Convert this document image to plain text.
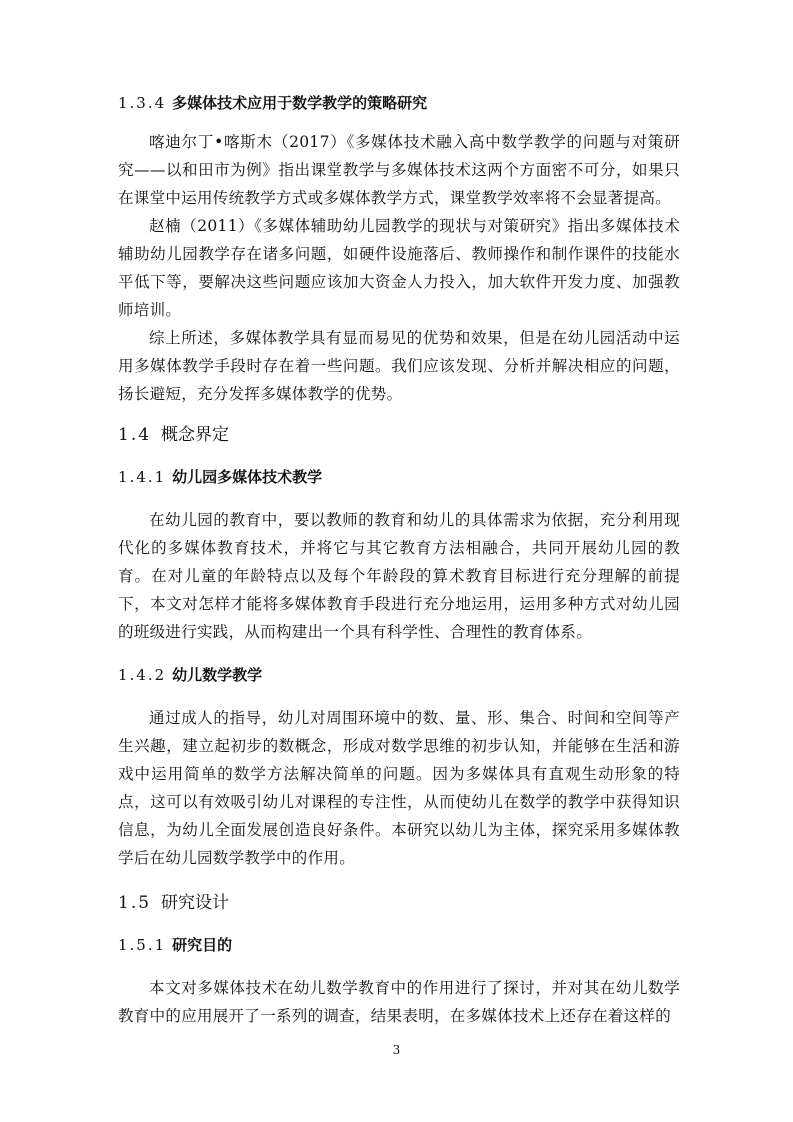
1.3.4 多媒体技术应用于数学教学的策略研究

喀迪尔丁•喀斯木（2017）《多媒体技术融入高中数学教学的问题与对策研究——以和田市为例》指出课堂教学与多媒体技术这两个方面密不可分，如果只在课堂中运用传统教学方式或多媒体教学方式，课堂教学效率将不会显著提高。

赵楠（2011）《多媒体辅助幼儿园教学的现状与对策研究》指出多媒体技术辅助幼儿园教学存在诸多问题，如硬件设施落后、教师操作和制作课件的技能水平低下等，要解决这些问题应该加大资金人力投入，加大软件开发力度、加强教师培训。

综上所述，多媒体教学具有显而易见的优势和效果，但是在幼儿园活动中运用多媒体教学手段时存在着一些问题。我们应该发现、分析并解决相应的问题，扬长避短，充分发挥多媒体教学的优势。

1.4 概念界定
1.4.1 幼儿园多媒体技术教学

在幼儿园的教育中，要以教师的教育和幼儿的具体需求为依据，充分利用现代化的多媒体教育技术，并将它与其它教育方法相融合，共同开展幼儿园的教育。在对儿童的年龄特点以及每个年龄段的算术教育目标进行充分理解的前提下，本文对怎样才能将多媒体教育手段进行充分地运用，运用多种方式对幼儿园的班级进行实践，从而构建出一个具有科学性、合理性的教育体系。

1.4.2 幼儿数学教学

通过成人的指导，幼儿对周围环境中的数、量、形、集合、时间和空间等产生兴趣，建立起初步的数概念，形成对数学思维的初步认知，并能够在生活和游戏中运用简单的数学方法解决简单的问题。因为多媒体具有直观生动形象的特点，这可以有效吸引幼儿对课程的专注性，从而使幼儿在数学的教学中获得知识信息，为幼儿全面发展创造良好条件。本研究以幼儿为主体，探究采用多媒体教学后在幼儿园数学教学中的作用。

1.5 研究设计
1.5.1 研究目的

本文对多媒体技术在幼儿数学教育中的作用进行了探讨，并对其在幼儿数学教育中的应用展开了一系列的调查，结果表明，在多媒体技术上还存在着这样的

3
